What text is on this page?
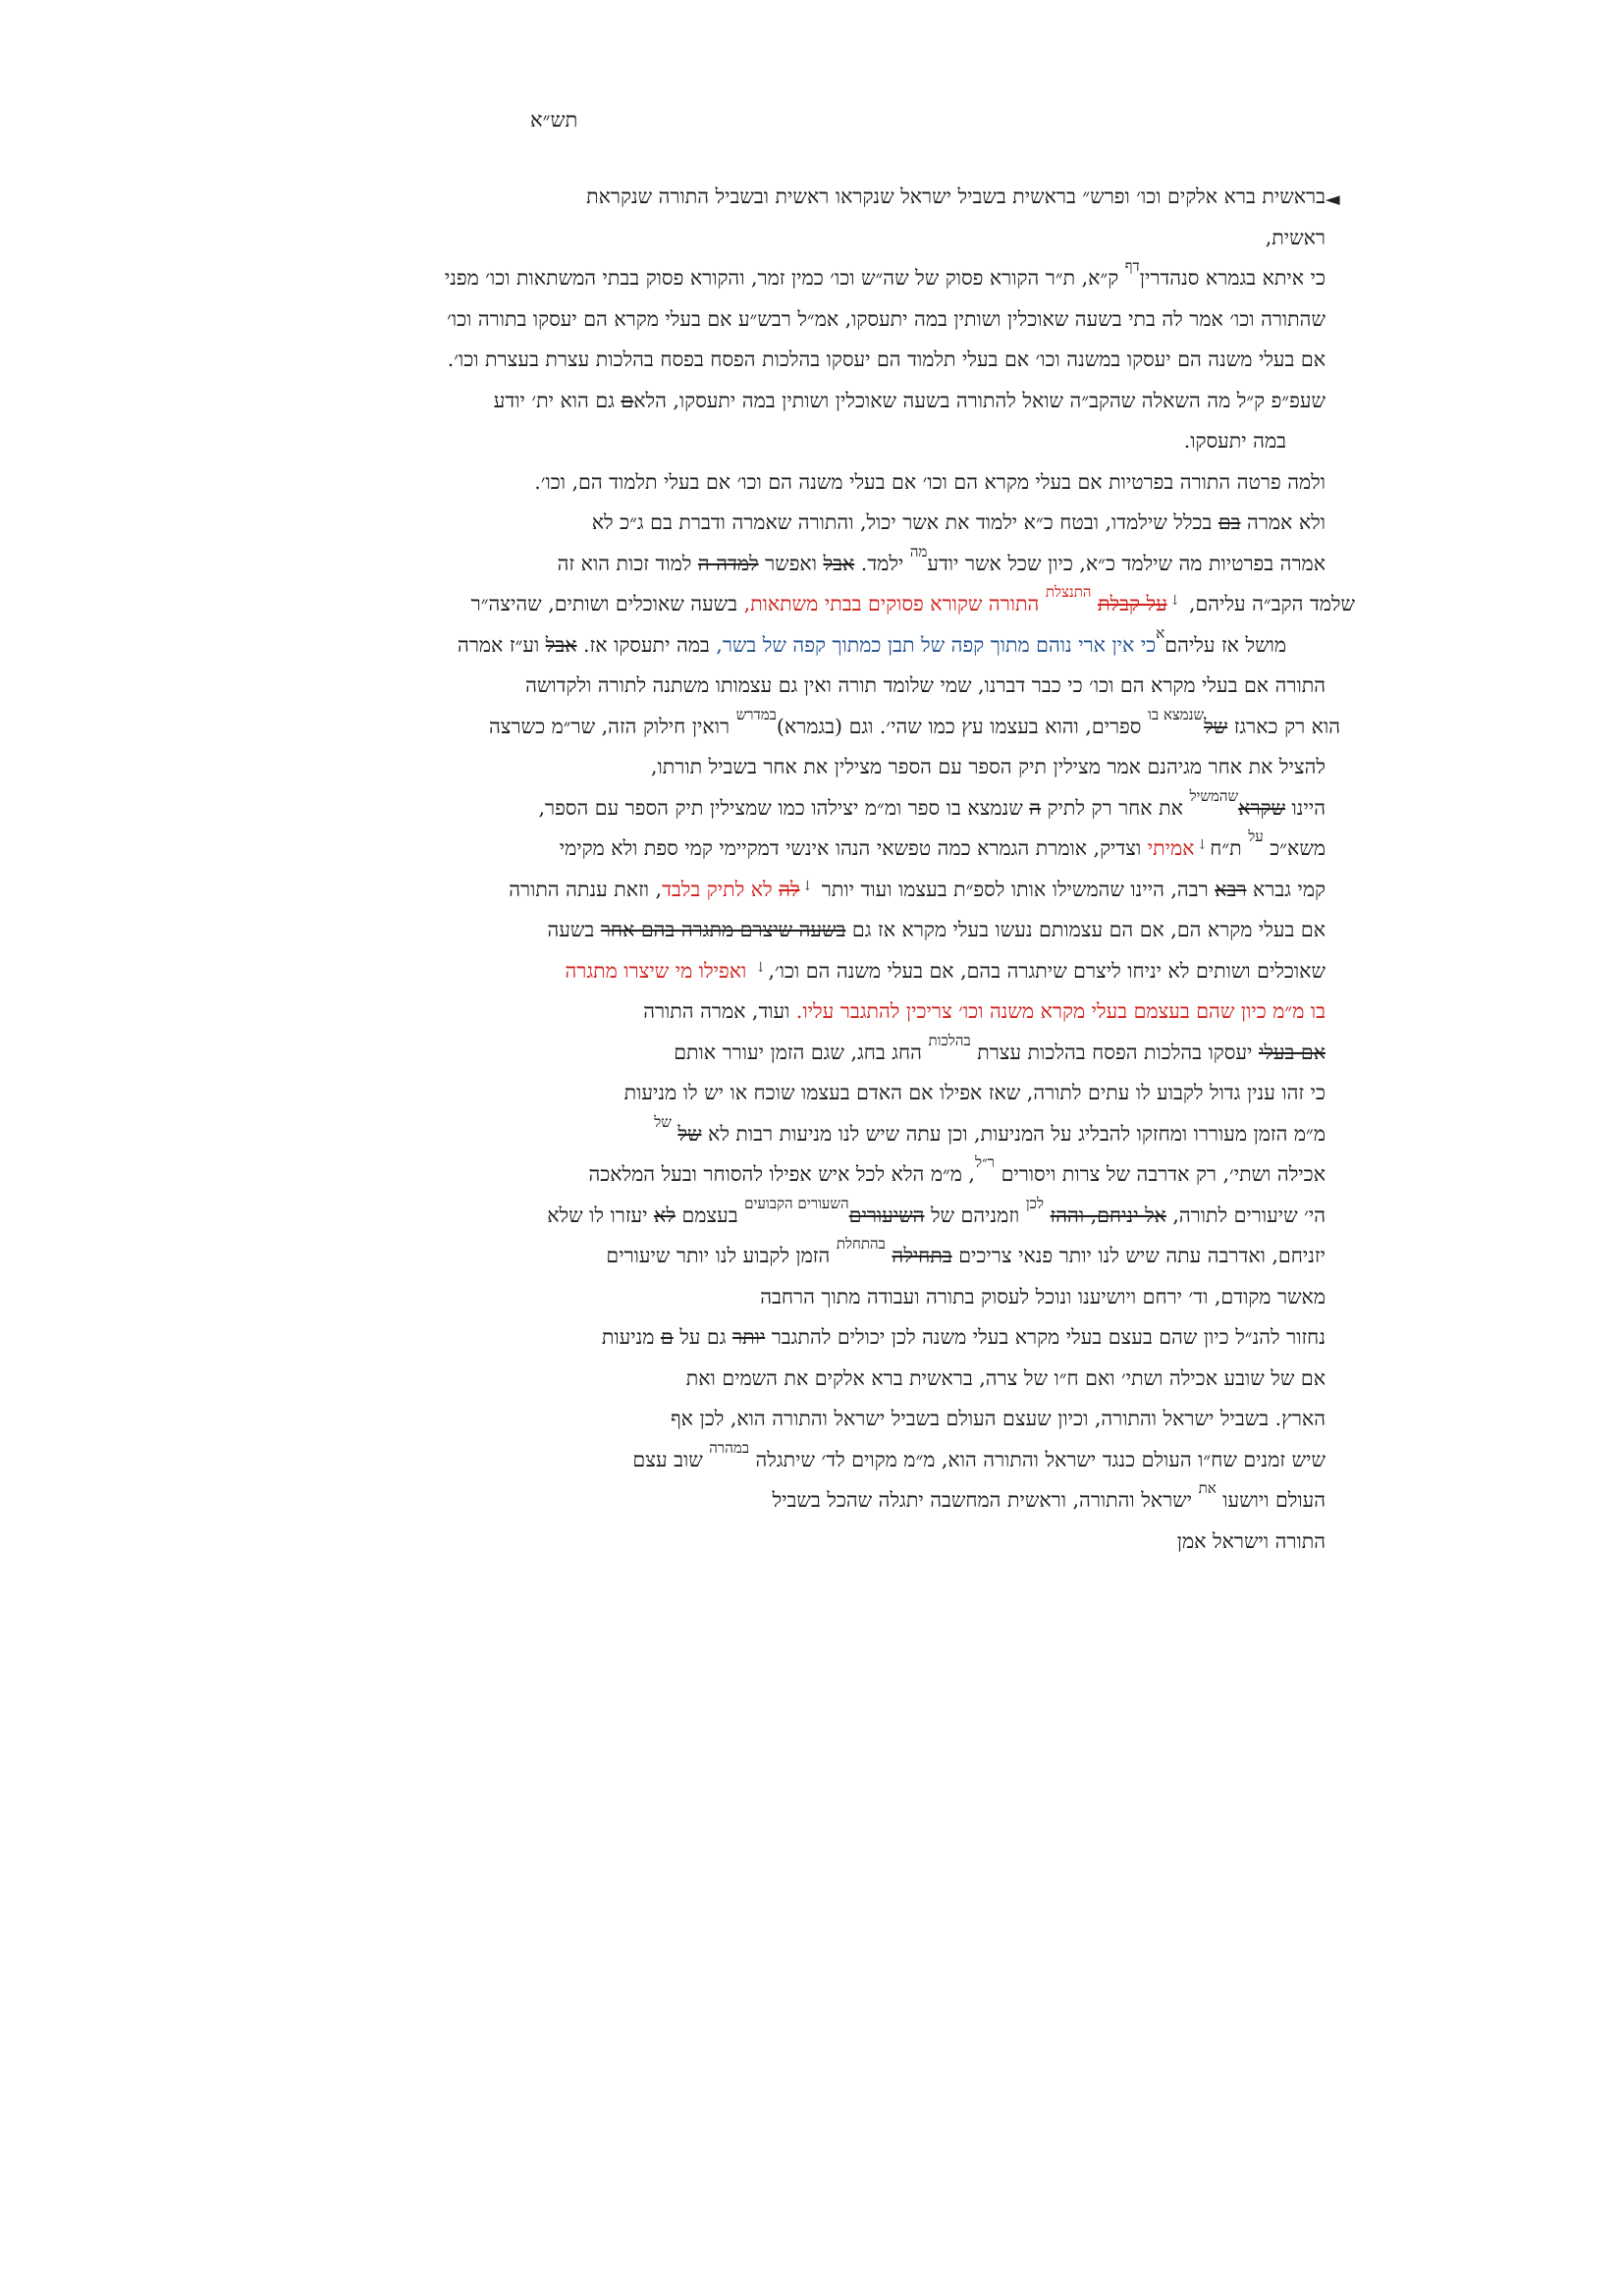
תש״א
◄
בראשית ברא אלקים וכו׳ ופרש״ בראשית בשביל ישראל שנקראו ראשית ובשביל התורה שנקראת
ראשית,
כי איתא בגמרא סנהדרין$^{דף}$ ק״א, ת״ר הקורא פסוק של שה״ש וכו׳ כמין זמר, והקורא פסוק בבתי המשתאות וכו׳ מפני
שהתורה וכו׳ אמר לה בתי בשעה שאוכלין ושותין במה יתעסקו, אמ״ל רבש״ע אם בעלי מקרא הם יעסקו בתורה וכו׳
אם בעלי משנה הם יעסקו במשנה וכו׳ אם בעלי תלמוד הם יעסקו בהלכות הפסח בפסח בהלכות עצרת בעצרת וכו׳.
שעפ״פ ק״ל מה השאלה שהקב״ה שואל להתורה בשעה שאוכלין ושותין במה יתעסקו, הלאם גם הוא ית׳ יודע
במה יתעסקו.
ולמה פרטה התורה בפרטיות אם בעלי מקרא הם וכו׳ אם בעלי משנה הם וכו׳ אם בעלי תלמוד הם, וכו׳.
ולא אמרה בם בכלל שילמדו, ובטח כ״א ילמוד את אשר יכול, והתורה שאמרה ודברת בם ג״כ לא
אמרה בפרטיות מה שילמד כ״א, כיון שכל אשר יודע$^{מה}$ ילמד. אבל ואפשר למדה ה למוד זכות הוא זה
שלמד הקב״ה עליהם, ↓על קבלת $^{התנצלת}$ התורה שקורא פסוקים בבתי משתאות, בשעה שאוכלים ושותים, שהיצה״ר
מושל אז עליהם$^א$כי אין ארי נוהם מתוך קפה של תבן כמתוך קפה של בשר, במה יתעסקו אז. אבל וע״ז אמרה
התורה אם בעלי מקרא הם וכו׳ כי כבר דברנו, שמי שלומד תורה ואין גם עצמותו משתנה לתורה ולקדושה
הוא רק כארגז של$^{שנמצא בו}$ ספרים, והוא בעצמו עץ כמו שהי׳. וגם (בגמרא)$^{במדרש}$ רואין חילוק הזה, שר״מ כשרצה
להציל את אחר מגיהנם אמר מצילין תיק הספר עם הספר מצילין את אחר בשביל תורתו,
היינו שקרא$^{שהמשיל}$ את אחר רק לתיק ה שנמצא בו ספר ומ״מ יצילהו כמו שמצילין תיק הספר עם הספר,
משא״כ $^{על}$ ת״ח↓אמיתי וצדיק, אומרת הגמרא כמה טפשאי הנהו אינשי דמקיימי קמי ספת ולא מקימי
קמי גברא רבא רבה, היינו שהמשילו אותו לספ״ת בעצמו ועוד יותר ↓לה לא לתיק בלבד, וזאת ענתה התורה
אם בעלי מקרא הם, אם הם עצמותם נעשו בעלי מקרא אז גם בשעה שיצרם מתגרה בהם אחר בשעה
שאוכלים ושותים לא יניחו ליצרם שיתגרה בהם, אם בעלי משנה הם וכו׳,↓ ואפילו מי שיצרו מתגרה
בו מ״מ כיון שהם בעצמם בעלי מקרא משנה וכו׳ צריכין להתגבר עליו. ועוד, אמרה התורה
אם בעלי יעסקו בהלכות הפסח בהלכות עצרת $^{בהלכות}$ החג בחג, שגם הזמן יעורר אותם
כי זהו ענין גדול לקבוע לו עתים לתורה, שאז אפילו אם האדם בעצמו שוכח או יש לו מניעות
מ״מ הזמן מעוררו ומחזקו להבליג על המניעות, וכן עתה שיש לנו מניעות רבות לא של $^{של}$
אכילה ושתי׳, רק אדרבה של צרות ויסורים $^{ר״ל}$, מ״מ הלא לכל איש אפילו להסוחר ובעל המלאכה
הי׳ שיעורים לתורה, אל יניחם, וההז $^{לכן}$ וזמניהם של השיעורים$^{השעורים הקבועים}$ בעצמם לא יעזרו לו שלא
יזניחם, ואדרבה עתה שיש לנו יותר פנאי צריכים בתחילה $^{בהתחלת}$ הזמן לקבוע לנו יותר שיעורים
מאשר מקודם, וד׳ ירחם ויושיענו ונוכל לעסוק בתורה ועבודה מתוך הרחבה
נחזור להנ״ל כיון שהם בעצם בעלי מקרא בעלי משנה לכן יכולים להתגבר יותר גם על ם מניעות
אם של שובע אכילה ושתי׳ ואם ח״ו של צרה, בראשית ברא אלקים את השמים ואת
הארץ. בשביל ישראל והתורה, וכיון שעצם העולם בשביל ישראל והתורה הוא, לכן אף
שיש זמנים שח״ו העולם כנגד ישראל והתורה הוא, מ״מ מקוים לד׳ שיתגלה $^{במהרה}$ שוב עצם
העולם ויושעו $^{את}$ ישראל והתורה, וראשית המחשבה יתגלה שהכל בשביל
התורה וישראל אמן
